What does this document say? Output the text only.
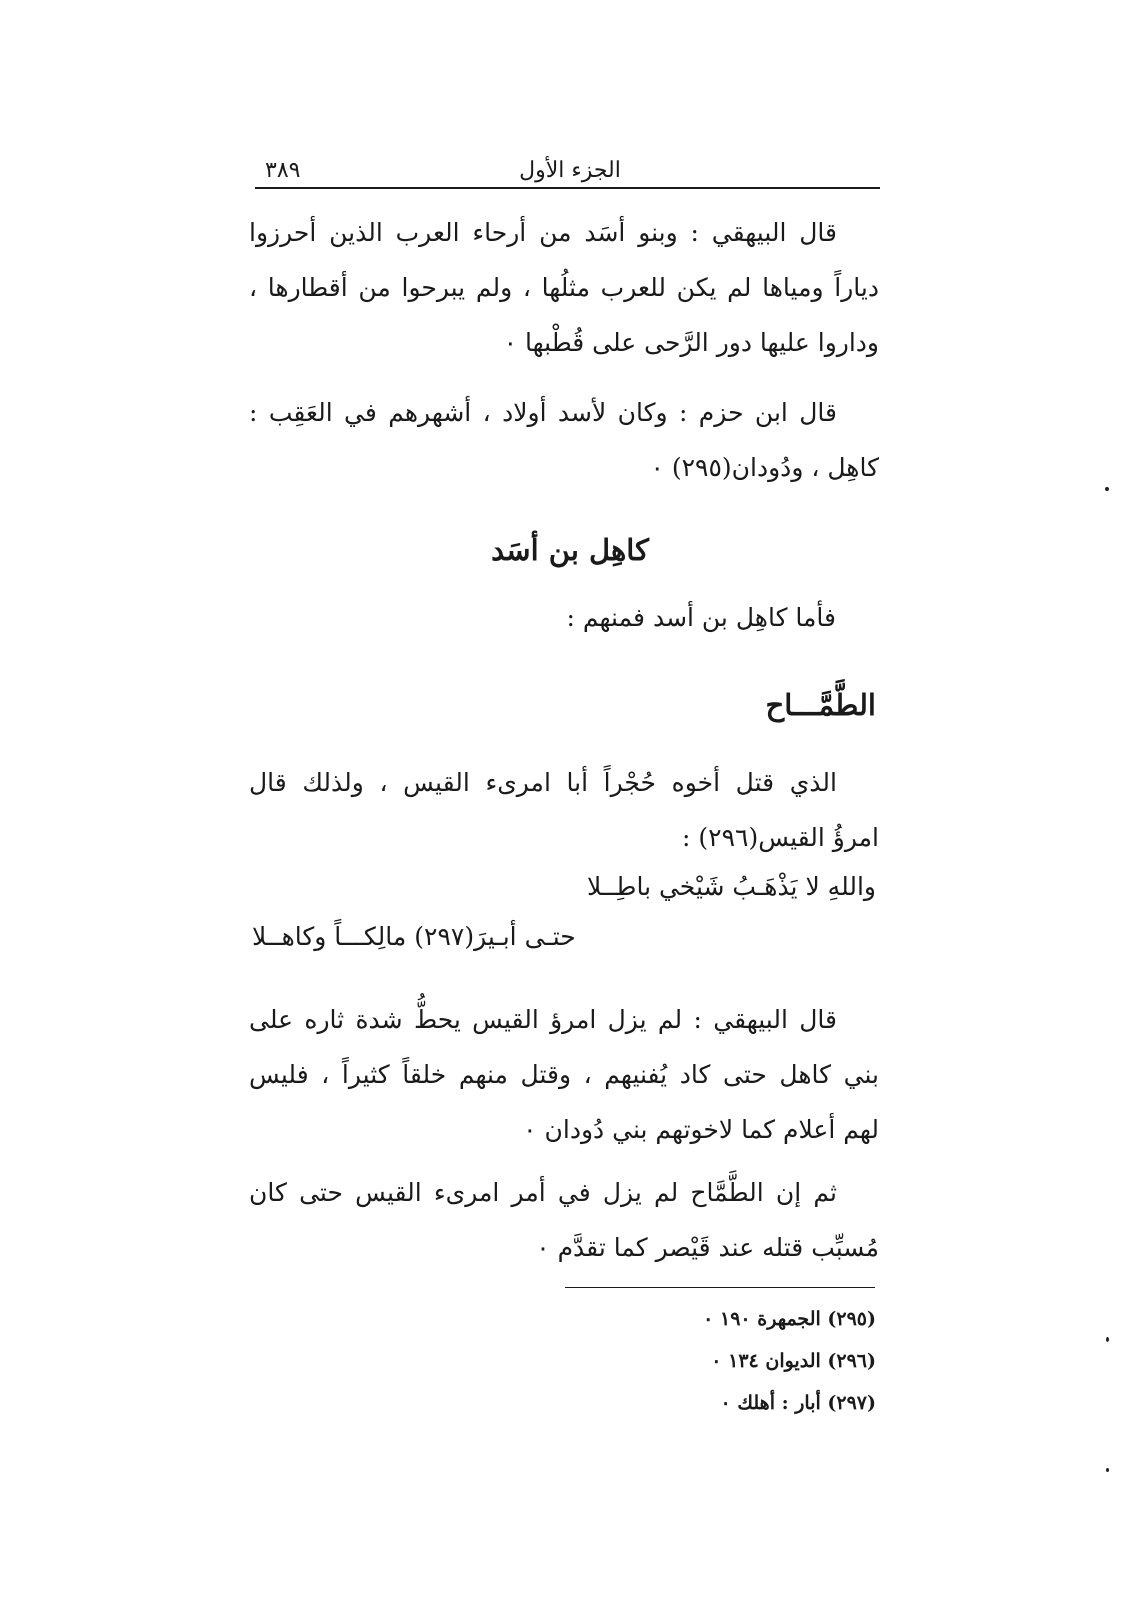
٣٨٩	الجزء الأول
قال البيهقي : وبنو أسَد من أرحاء العرب الذين أحرزوا
دياراً ومياها لم يكن للعرب مثلُها ، ولم يبرحوا من أقطارها ،
وداروا عليها دور الرَّحى على قُطْبها ٠
قال ابن حزم : وكان لأسد أولاد ، أشهرهم في العَقِب :
كاهِل ، ودُودان(٢٩٥) ٠
كاهِل بن أسَد
فأما كاهِل بن أسد فمنهم :
الطَّمَّـــاح
الذي قتل أخوه حُجْراً أبا امرىء القيس ، ولذلك قال
امرؤُ القيس(٢٩٦) :
واللهِ لا يَذْهَـبُ شَيْخي باطِــلا
حتـى أبـيرَ(٢٩٧) مالِكـــاً وكاهــلا
قال البيهقي : لم يزل امرؤ القيس يحطُّ شدة ثاره على
بني كاهل حتى كاد يُفنيهم ، وقتل منهم خلقاً كثيراً ، فليس
لهم أعلام كما لاخوتهم بني دُودان ٠
ثم إن الطَّمَّاح لم يزل في أمر امرىء القيس حتى كان
مُسبِّب قتله عند قَيْصر كما تقدَّم ٠
(٢٩٥) الجمهرة ١٩٠ ٠
(٢٩٦) الديوان ١٣٤ ٠
(٢٩٧) أبار : أهلك ٠
